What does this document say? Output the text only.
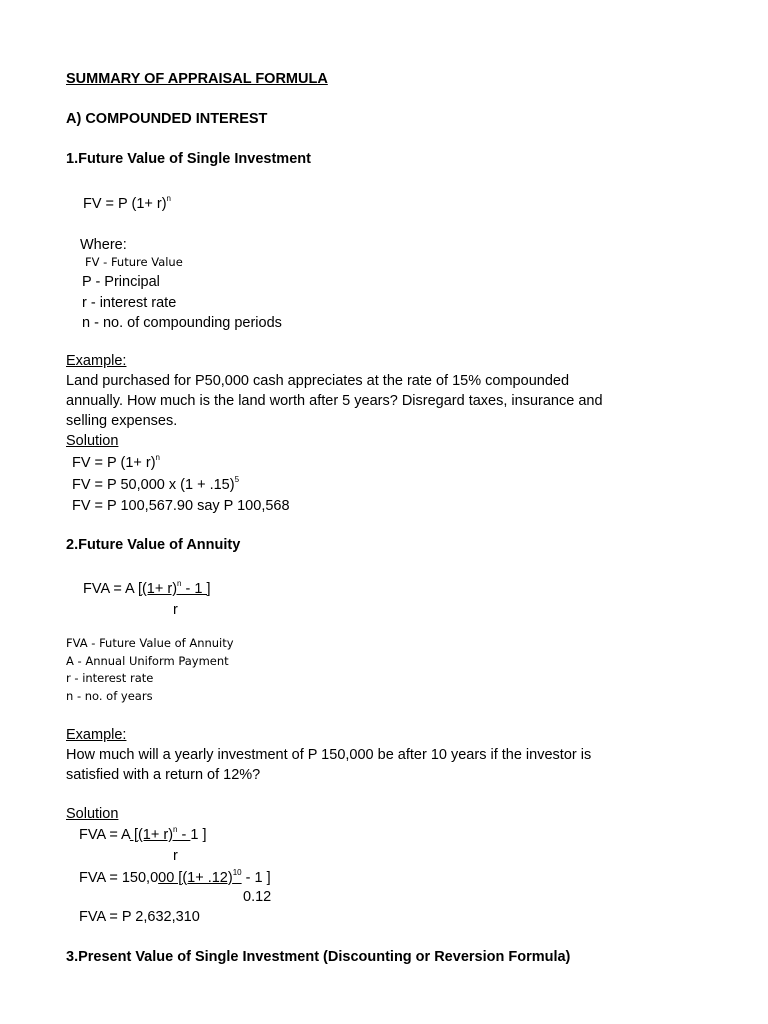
SUMMARY OF APPRAISAL FORMULA
A) COMPOUNDED INTEREST
1.Future Value of Single Investment
FV = P $(1+ r)^n$
Where:
FV - Future Value
P - Principal
r - interest rate
n - no. of compounding periods
Example:
Land purchased for P50,000 cash appreciates at the rate of 15% compounded annually. How much is the land worth after 5 years? Disregard taxes, insurance and selling expenses.
Solution
FV = P $(1+ r)^n$
FV = P 50,000 x $(1 + .15)^5$
FV = P 100,567.90 say P 100,568
2.Future Value of Annuity
FVA = A [$(1+ r)^n - 1$ ]
r
FVA - Future Value of Annuity
A - Annual Uniform Payment
r - interest rate
n - no. of years
Example:
How much will a yearly investment of P 150,000 be after 10 years if the investor is satisfied with a return of 12%?
Solution
FVA = A [$(1+ r)^n - 1$ ]
r
FVA = 150,000 [$(1+ .12)^{10} - 1$ ]
0.12
FVA = P 2,632,310
3.Present Value of Single Investment (Discounting or Reversion Formula)
